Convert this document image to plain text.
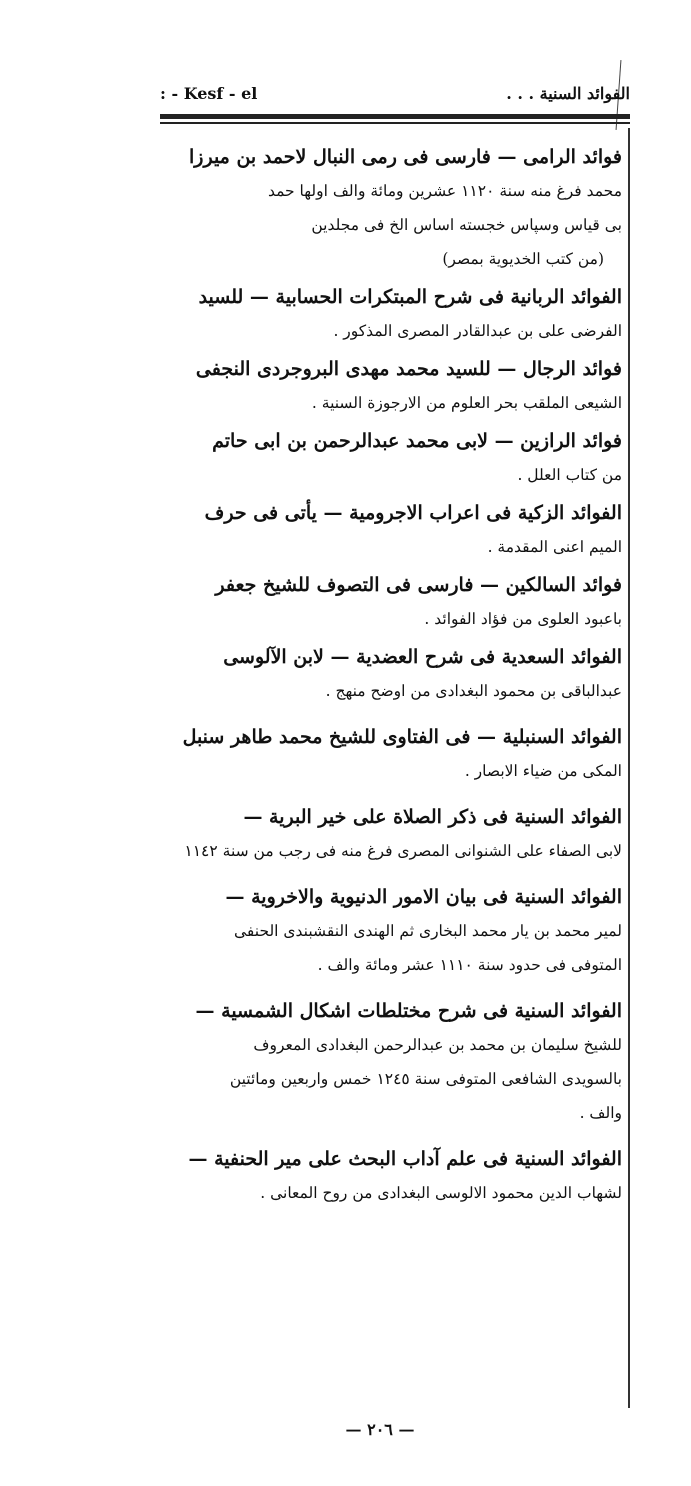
الفوائد السنية . . .
Kesf - el - :

فوائد الرامى — فارسى فى رمى النبال لاحمد بن ميرزا

محمد فرغ منه سنة ١١٢٠ عشرين ومائة والف اولها حمد

بى قياس وسپاس خجسته اساس الخ فى مجلدين

(من كتب الخديوية بمصر)

الفوائد الربانية فى شرح المبتكرات الحسابية — للسيد

الفرضى على بن عبدالقادر المصرى المذكور .

فوائد الرجال — للسيد محمد مهدى البروجردى النجفى

الشيعى الملقب بحر العلوم من الارجوزة السنية .

فوائد الرازين — لابى محمد عبدالرحمن بن ابى حاتم

من كتاب العلل .

الفوائد الزكية فى اعراب الاجرومية — يأتى فى حرف

الميم اعنى المقدمة .

فوائد السالكين — فارسى فى التصوف للشيخ جعفر

باعبود العلوى من فؤاد الفوائد .

الفوائد السعدية فى شرح العضدية — لابن الآلوسى

عبدالباقى بن محمود البغدادى من اوضح منهج .

الفوائد السنبلية — فى الفتاوى للشيخ محمد طاهر سنبل

المكى من ضياء الابصار .

الفوائد السنية فى ذكر الصلاة على خير البرية —

لابى الصفاء على الشنوانى المصرى فرغ منه فى رجب من سنة ١١٤٢

الفوائد السنية فى بيان الامور الدنيوية والاخروية —

لمير محمد بن يار محمد البخارى ثم الهندى النقشبندى الحنفى

المتوفى فى حدود سنة ١١١٠ عشر ومائة والف .

الفوائد السنية فى شرح مختلطات اشكال الشمسية —

للشيخ سليمان بن محمد بن عبدالرحمن البغدادى المعروف

بالسويدى الشافعى المتوفى سنة ١٢٤٥ خمس واربعين ومائتين

والف .

الفوائد السنية فى علم آداب البحث على مير الحنفية —

لشهاب الدين محمود الالوسى البغدادى من روح المعانى .

— ٢٠٦ —
